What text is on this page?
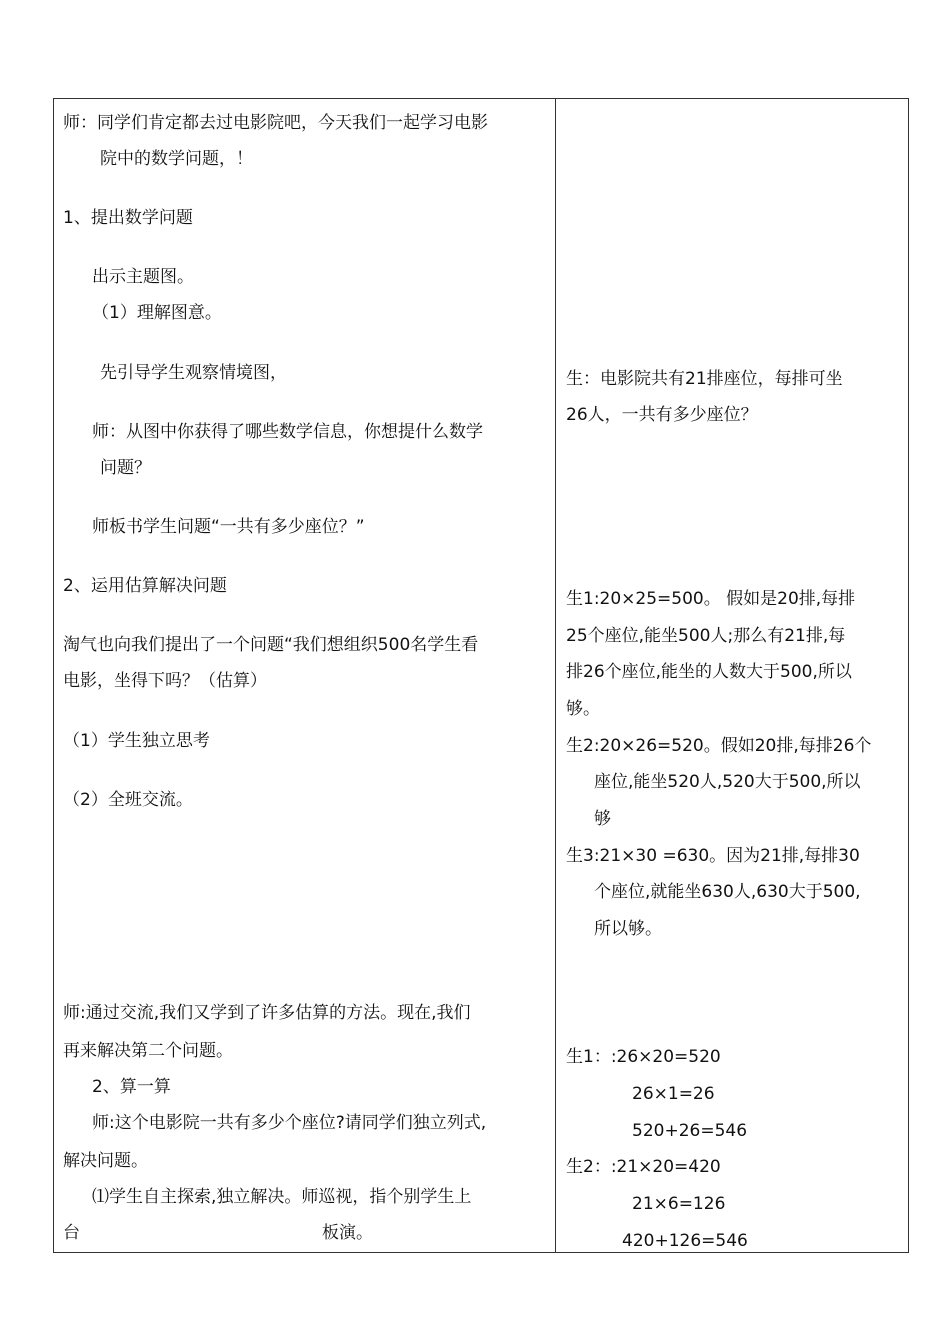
师：同学们肯定都去过电影院吧，今天我们一起学习电影
院中的数学问题，！
1、提出数学问题
出示主题图。
（1）理解图意。
先引导学生观察情境图，
师：从图中你获得了哪些数学信息，你想提什么数学
问题？
师板书学生问题“一共有多少座位？”
2、运用估算解决问题
淘气也向我们提出了一个问题“我们想组织500名学生看
电影，坐得下吗？（估算）
（1）学生独立思考
（2）全班交流。
师:通过交流,我们又学到了许多估算的方法。现在,我们
再来解决第二个问题。
2、算一算
师:这个电影院一共有多少个座位?请同学们独立列式,
解决问题。
⑴学生自主探索,独立解决。师巡视，指个别学生上
台	板演。
生：电影院共有21排座位，每排可坐
26人，一共有多少座位？
生1:20×25=500。 假如是20排,每排
25个座位,能坐500人;那么有21排,每
排26个座位,能坐的人数大于500,所以
够。
生2:20×26=520。假如20排,每排26个
座位,能坐520人,520大于500,所以
够
生3:21×30 =630。因为21排,每排30
个座位,就能坐630人,630大于500,
所以够。
生1：:26×20=520
26×1=26
520+26=546
生2：:21×20=420
21×6=126
420+126=546
